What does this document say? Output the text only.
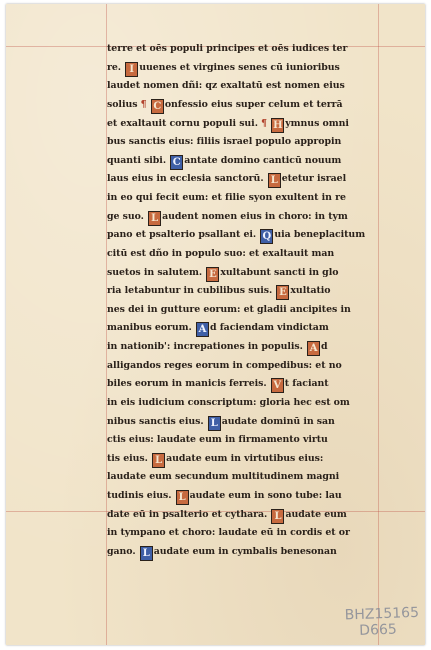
terre et oēs populi principes et oēs iudices ter
re. I uuenes et virgines senes cū iunioribus
laudet nomen dñi: qz exaltatū est nomen eius
solius ¶ C onfessio eius super celum et terrā
et exaltauit cornu populi sui. ¶ H ymnus omni
bus sanctis eius: filiis israel populo appropin
quanti sibi. C antate domino canticū nouum
laus eius in ecclesia sanctorū. L etetur israel
in eo qui fecit eum: et filie syon exultent in re
ge suo. L audent nomen eius in choro: in tym
pano et psalterio psallant ei. Q uia beneplacitum
citū est dño in populo suo: et exaltauit man
suetos in salutem. E xultabunt sancti in glo
ria letabuntur in cubilibus suis. E xultatio
nes dei in gutture eorum: et gladii ancipites in
manibus eorum. A d faciendam vindictam
in nationib': increpationes in populis. A d
alligandos reges eorum in compedibus: et no
biles eorum in manicis ferreis. V t faciant
in eis iudicium conscriptum: gloria hec est om
nibus sanctis eius. L audate dominū in san
ctis eius: laudate eum in firmamento virtu
tis eius. L audate eum in virtutibus eius:
laudate eum secundum multitudinem magni
tudinis eius. L audate eum in sono tube: lau
date eū in psalterio et cythara. L audate eum
in tympano et choro: laudate eū in cordis et or
gano. L audate eum in cymbalis benesonan
BHZ15165
D665
